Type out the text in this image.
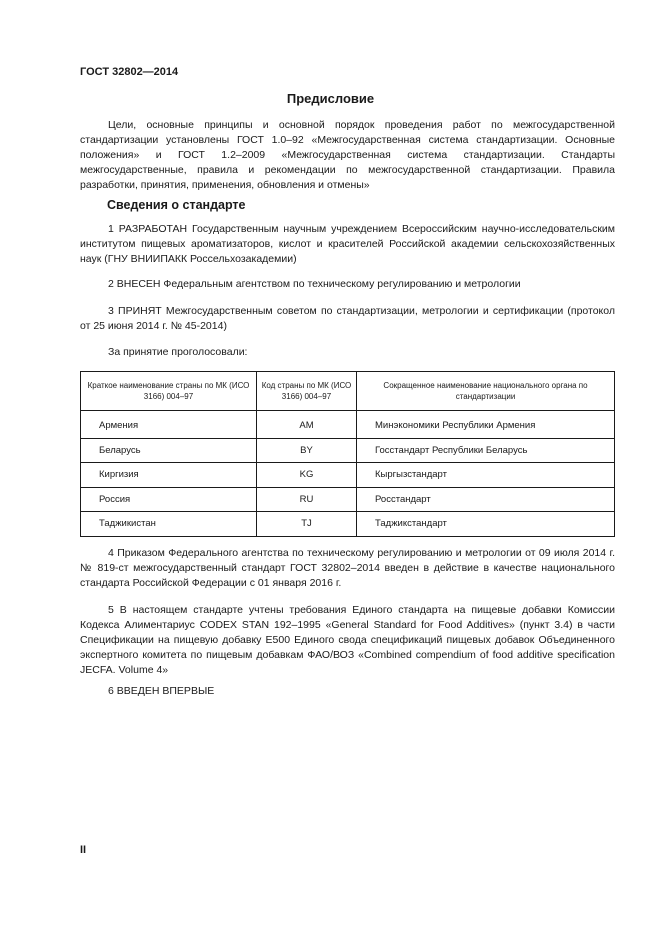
ГОСТ 32802—2014
Предисловие

Цели, основные принципы и основной порядок проведения работ по межгосударственной стандартизации установлены ГОСТ 1.0–92 «Межгосударственная система стандартизации. Основные положения» и ГОСТ 1.2–2009 «Межгосударственная система стандартизации. Стандарты межгосударственные, правила и рекомендации по межгосударственной стандартизации. Правила разработки, принятия, применения, обновления и отмены»

Сведения о стандарте

1 РАЗРАБОТАН Государственным научным учреждением Всероссийским научно-исследовательским институтом пищевых ароматизаторов, кислот и красителей Российской академии сельскохозяйственных наук (ГНУ ВНИИПАКК Россельхозакадемии)

2 ВНЕСЕН Федеральным агентством по техническому регулированию и метрологии

3 ПРИНЯТ Межгосударственным советом по стандартизации, метрологии и сертификации (протокол от 25 июня 2014 г. № 45-2014)

За принятие проголосовали:

Краткое наименование страны по МК (ИСО 3166) 004–97	Код страны по МК (ИСО 3166) 004–97	Сокращенное наименование национального органа по стандартизации
Армения	AM	Минэкономики Республики Армения
Беларусь	BY	Госстандарт Республики Беларусь
Киргизия	KG	Кыргызстандарт
Россия	RU	Росстандарт
Таджикистан	TJ	Таджикстандарт

4 Приказом Федерального агентства по техническому регулированию и метрологии от 09 июля 2014 г. № 819-ст межгосударственный стандарт ГОСТ 32802–2014 введен в действие в качестве национального стандарта Российской Федерации с 01 января 2016 г.

5 В настоящем стандарте учтены требования Единого стандарта на пищевые добавки Комиссии Кодекса Алиментариус CODEX STAN 192–1995 «General Standard for Food Additives» (пункт 3.4) в части Спецификации на пищевую добавку Е500 Единого свода спецификаций пищевых добавок Объединенного экспертного комитета по пищевым добавкам ФАО/ВОЗ «Combined compendium of food additive specification JECFA. Volume 4»

6 ВВЕДЕН ВПЕРВЫЕ

II
